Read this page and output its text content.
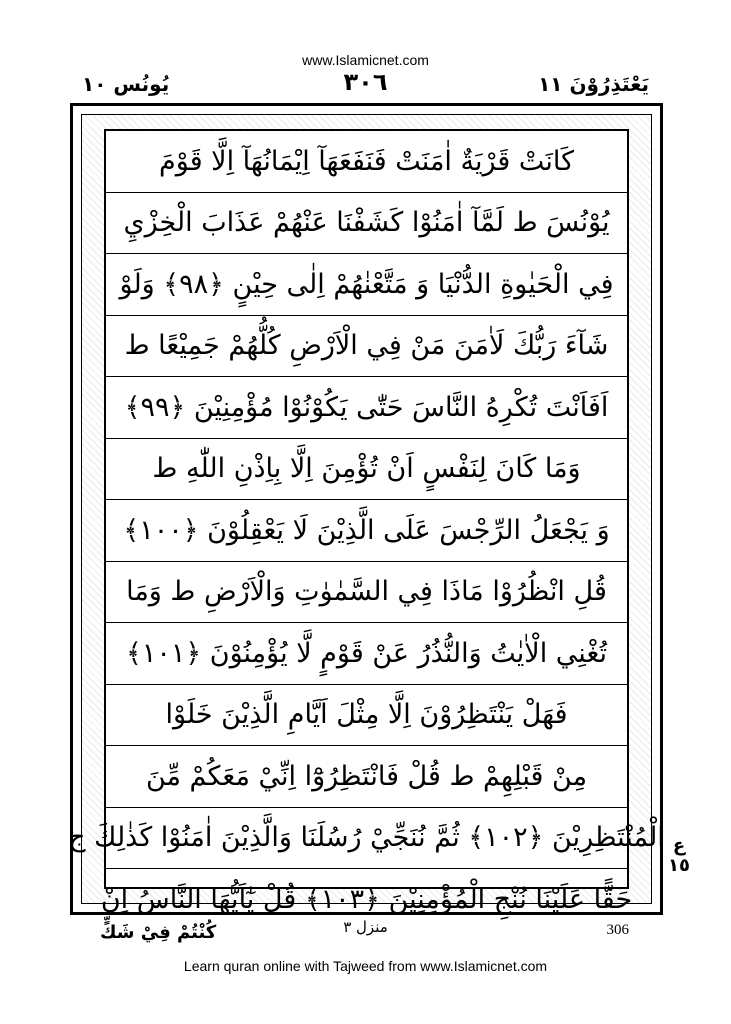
www.Islamicnet.com
يُونُس ١٠	٣٠٦	يَعْتَذِرُوْنَ ١١
كَانَتْ قَرْيَةٌ اٰمَنَتْ فَنَفَعَهَآ اِيْمَانُهَآ اِلَّا قَوْمَ
يُوْنُسَ ط لَمَّآ اٰمَنُوْا كَشَفْنَا عَنْهُمْ عَذَابَ الْخِزْيِ
فِي الْحَيٰوةِ الدُّنْيَا وَ مَتَّعْنٰهُمْ اِلٰى حِيْنٍ ﴿٩٨﴾ وَلَوْ
شَآءَ رَبُّكَ لَاٰمَنَ مَنْ فِي الْاَرْضِ كُلُّهُمْ جَمِيْعًا ط
اَفَاَنْتَ تُكْرِهُ النَّاسَ حَتّٰى يَكُوْنُوْا مُؤْمِنِيْنَ ﴿٩٩﴾
وَمَا كَانَ لِنَفْسٍ اَنْ تُؤْمِنَ اِلَّا بِاِذْنِ اللّٰهِ ط
وَ يَجْعَلُ الرِّجْسَ عَلَى الَّذِيْنَ لَا يَعْقِلُوْنَ ﴿١٠٠﴾
قُلِ انْظُرُوْا مَاذَا فِي السَّمٰوٰتِ وَالْاَرْضِ ط وَمَا
تُغْنِي الْاٰيٰتُ وَالنُّذُرُ عَنْ قَوْمٍ لَّا يُؤْمِنُوْنَ ﴿١٠١﴾
فَهَلْ يَنْتَظِرُوْنَ اِلَّا مِثْلَ اَيَّامِ الَّذِيْنَ خَلَوْا
مِنْ قَبْلِهِمْ ط قُلْ فَانْتَظِرُوْٓا اِنِّيْ مَعَكُمْ مِّنَ
الْمُنْتَظِرِيْنَ ﴿١٠٢﴾ ثُمَّ نُنَجِّيْ رُسُلَنَا وَالَّذِيْنَ اٰمَنُوْا كَذٰلِكَ ج
حَقًّا عَلَيْنَا نُنْجِ الْمُؤْمِنِيْنَ ﴿١٠٣﴾ قُلْ يٰٓاَيُّهَا النَّاسُ اِنْ
ع ١٥
كُنْتُمْ فِيْ شَكٍّ	منزل ٣	306
Learn quran online with Tajweed from www.Islamicnet.com
